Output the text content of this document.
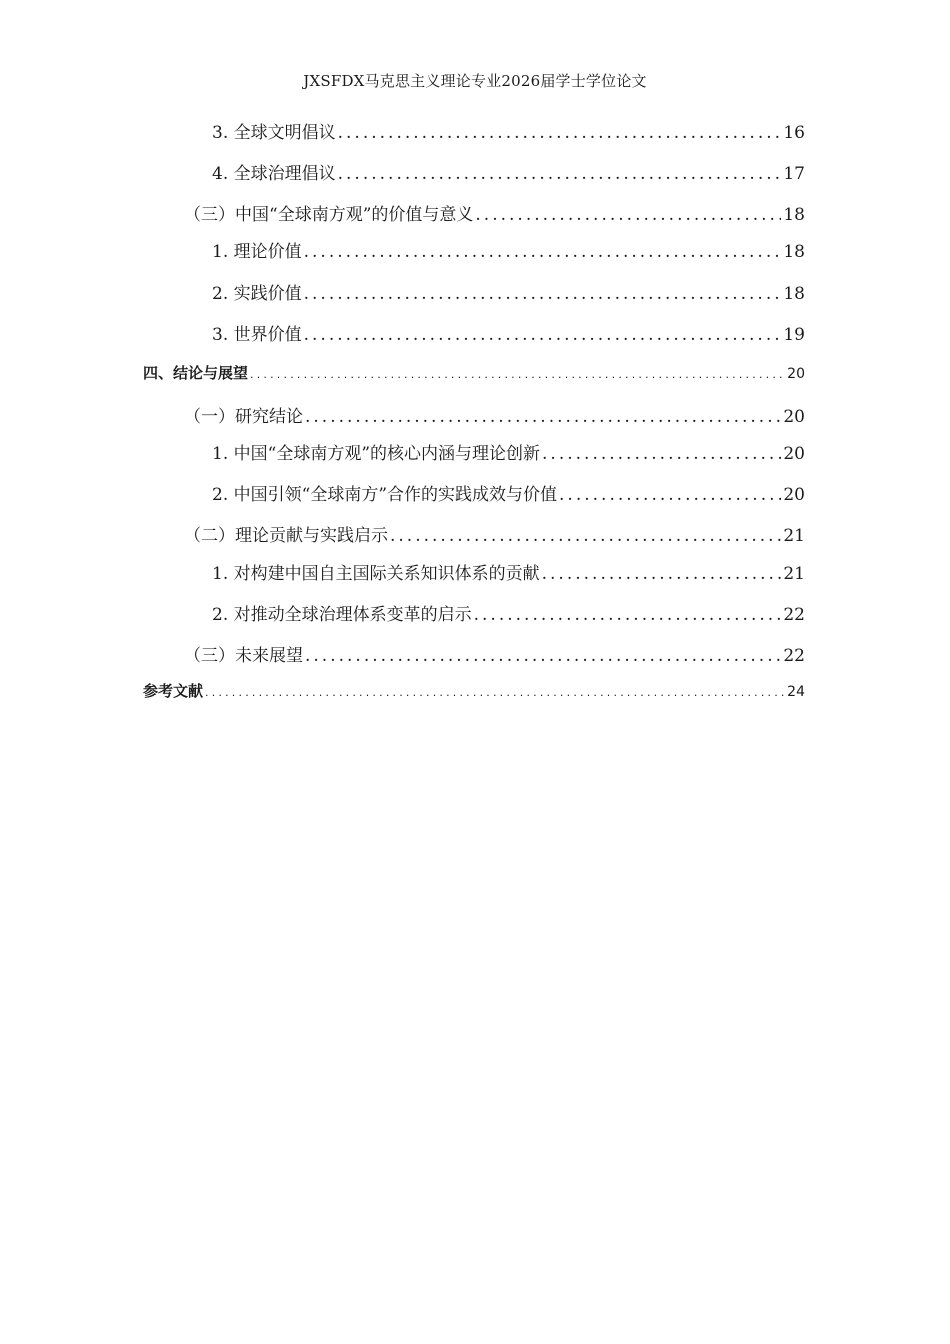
JXSFDX马克思主义理论专业2026届学士学位论文
3. 全球文明倡议 .....	16
4. 全球治理倡议 .....	17
（三）中国“全球南方观”的价值与意义 .....	18
1. 理论价值 .....	18
2. 实践价值 .....	18
3. 世界价值 .....	19
四、结论与展望 .....	20
（一）研究结论 .....	20
1. 中国“全球南方观”的核心内涵与理论创新 .....	20
2. 中国引领“全球南方”合作的实践成效与价值 .....	20
（二）理论贡献与实践启示 .....	21
1. 对构建中国自主国际关系知识体系的贡献 .....	21
2. 对推动全球治理体系变革的启示 .....	22
（三）未来展望 .....	22
参考文献 .....	24
